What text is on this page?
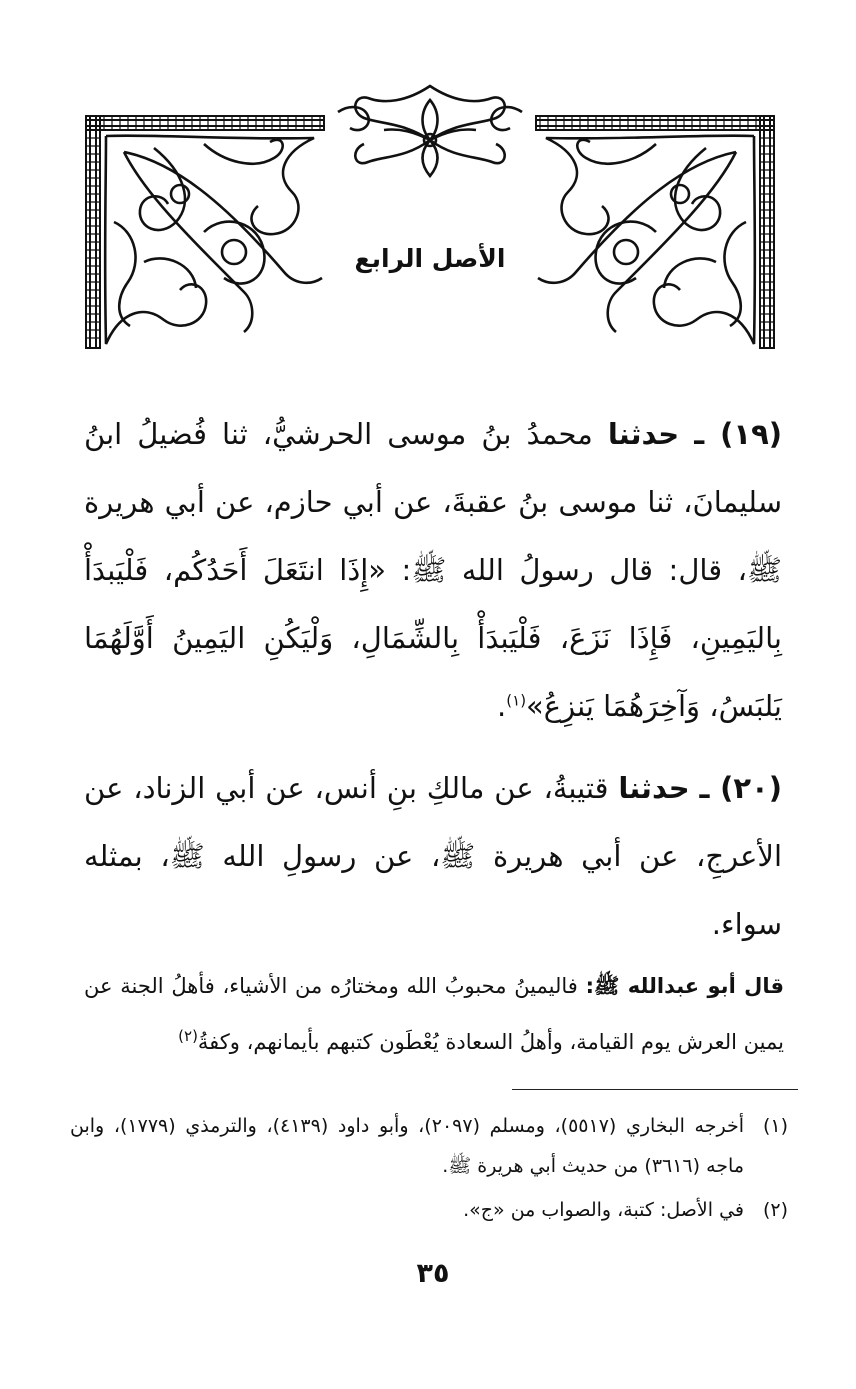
الأصل الرابع

(١٩) ـ حدثنا محمدُ بنُ موسى الحرشيُّ، ثنا فُضيلُ ابنُ سليمانَ، ثنا موسى بنُ عقبةَ، عن أبي حازم، عن أبي هريرة ﷺ، قال: قال رسولُ الله ﷺ: «إِذَا انتَعَلَ أَحَدُكُم، فَلْيَبدَأْ بِاليَمِينِ، فَإِذَا نَزَعَ، فَلْيَبدَأْ بِالشِّمَالِ، وَلْيَكُنِ اليَمِينُ أَوَّلَهُمَا يَلبَسُ، وَآخِرَهُمَا يَنزِعُ»$^{(١)}$.

(٢٠) ـ حدثنا قتيبةُ، عن مالكِ بنِ أنس، عن أبي الزناد، عن الأعرجِ، عن أبي هريرة ﷺ، عن رسولِ الله ﷺ، بمثله سواء.

قال أبو عبدالله ﷺ: فاليمينُ محبوبُ الله ومختارُه من الأشياء، فأهلُ الجنة عن يمين العرش يوم القيامة، وأهلُ السعادة يُعْطَون كتبهم بأيمانهم، وكفةُ$^{(٢)}$
(١)
أخرجه البخاري (٥٥١٧)، ومسلم (٢٠٩٧)، وأبو داود (٤١٣٩)، والترمذي (١٧٧٩)، وابن ماجه (٣٦١٦) من حديث أبي هريرة ﷺ.
(٢)
في الأصل: كتبة، والصواب من «ج».
٣٥
